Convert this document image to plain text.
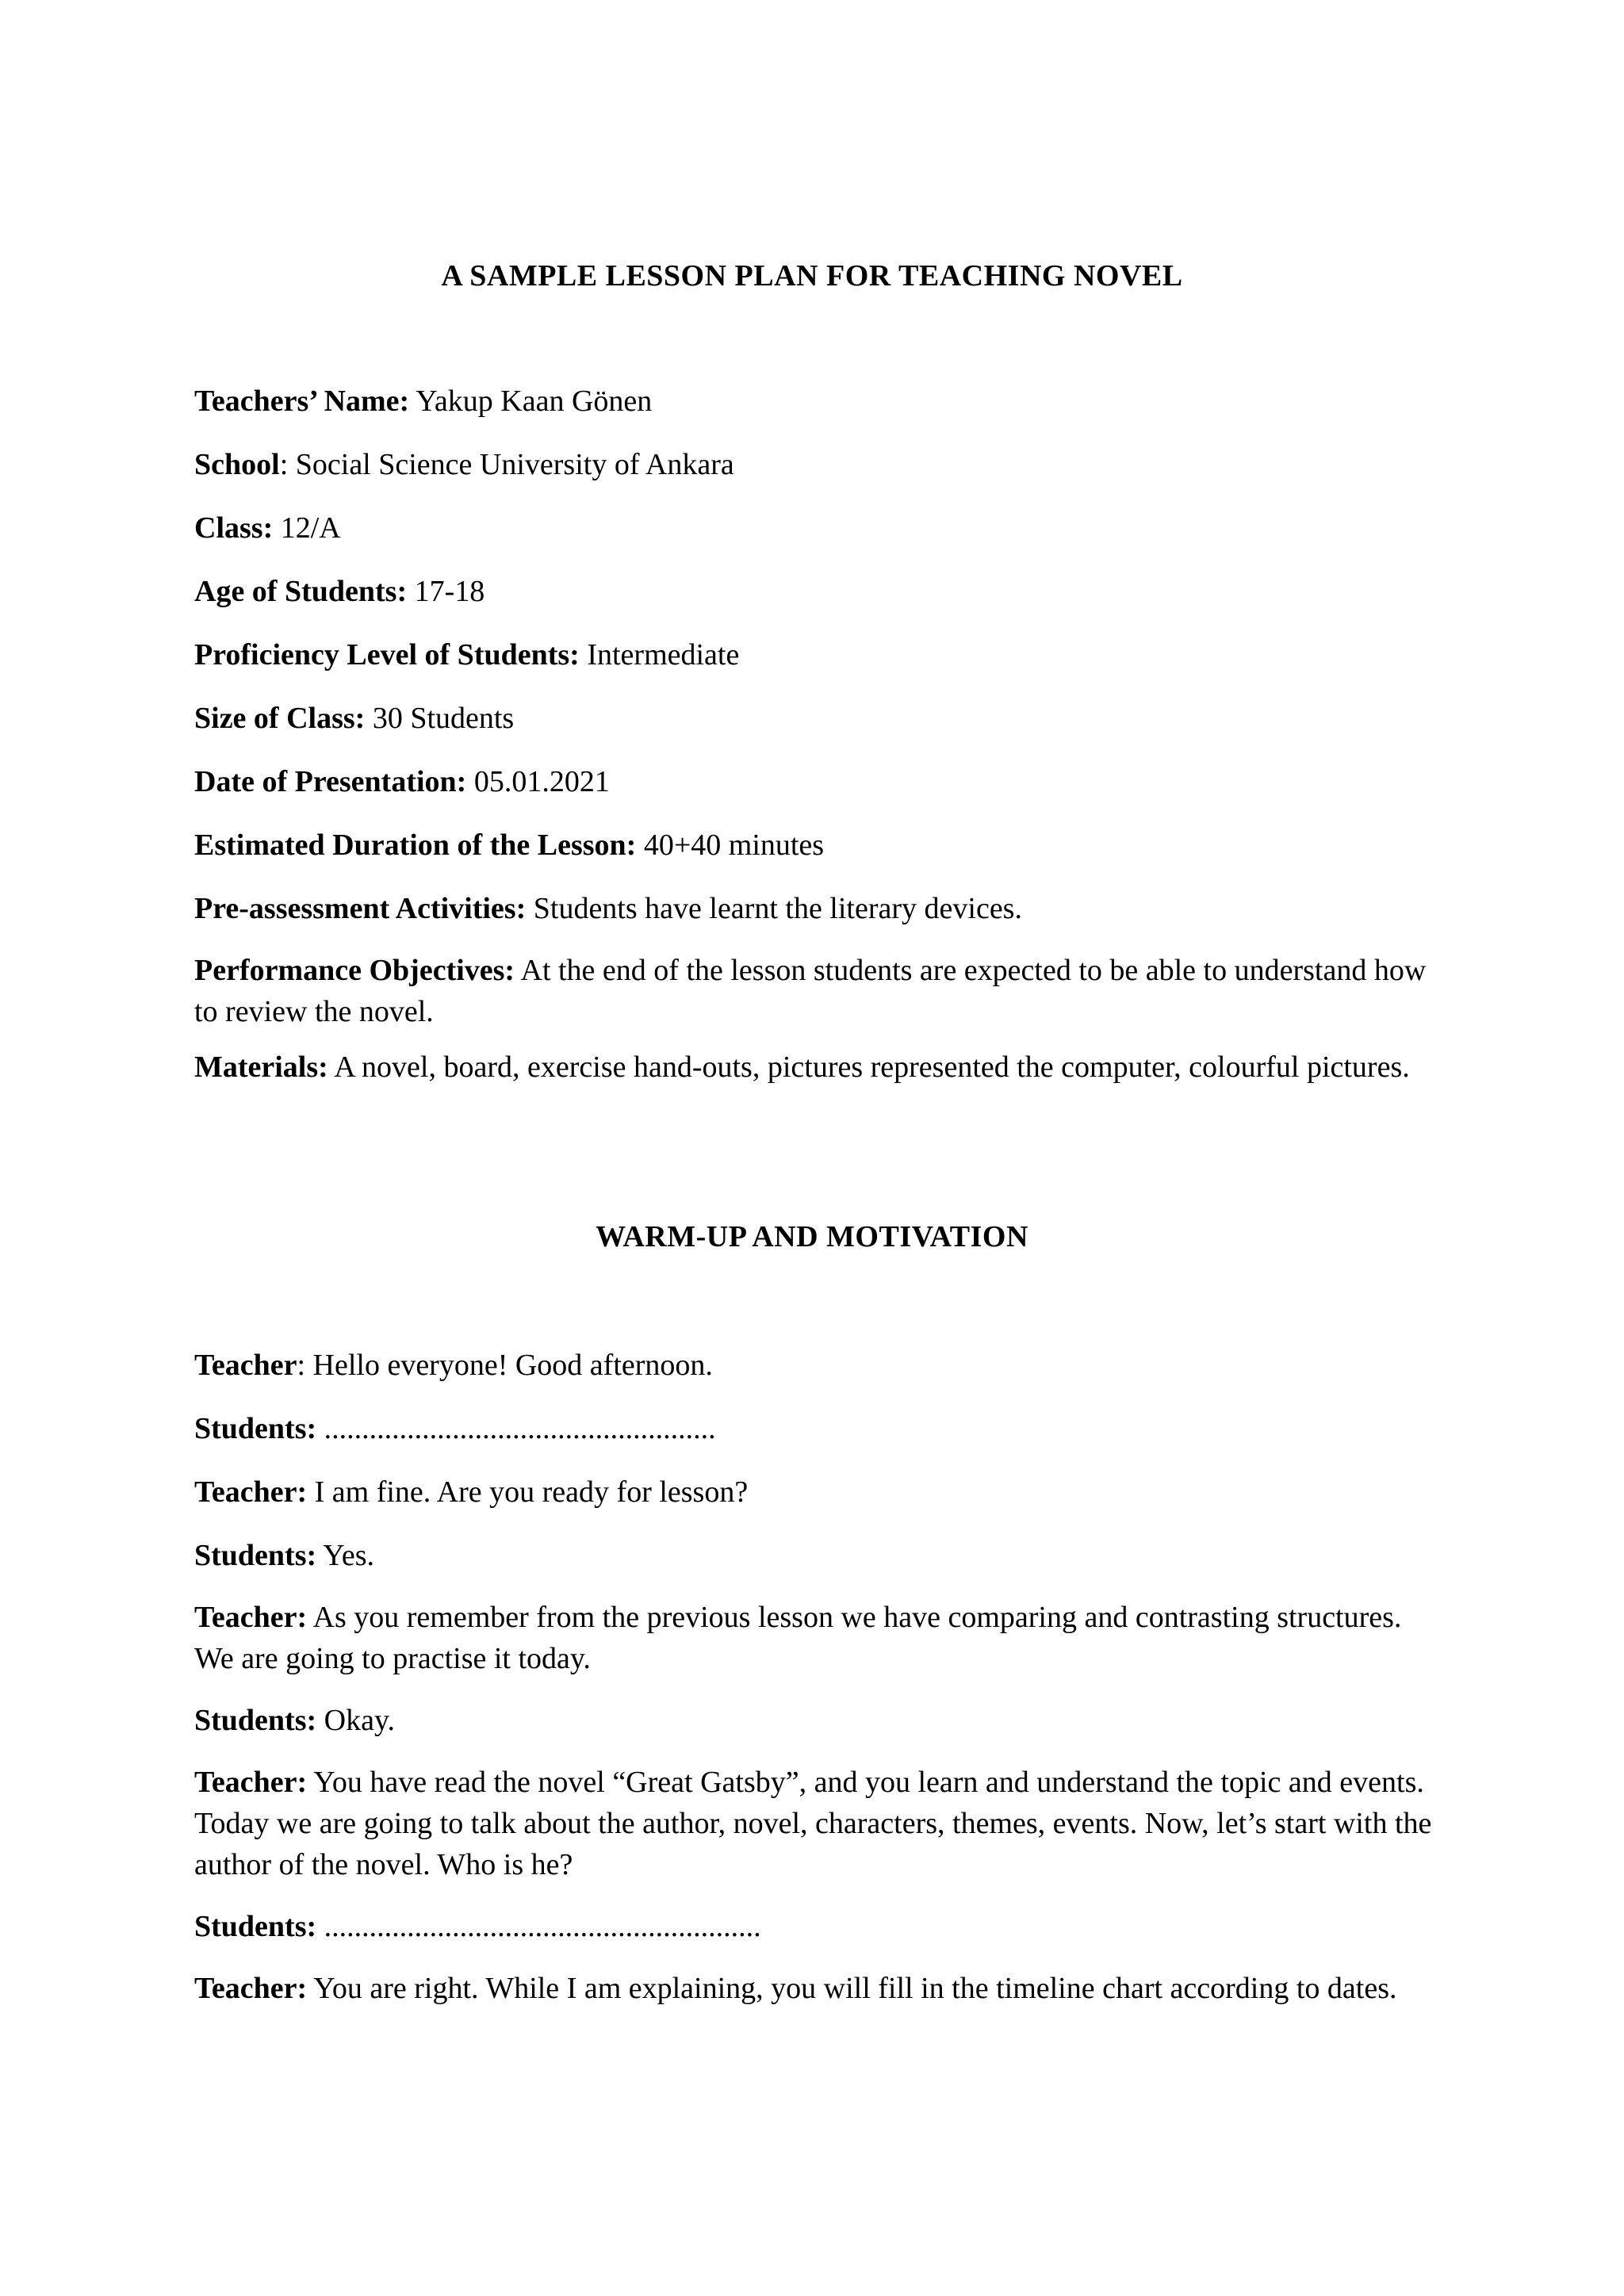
A SAMPLE LESSON PLAN FOR TEACHING NOVEL
Teachers’ Name: Yakup Kaan Gönen
School: Social Science University of Ankara
Class: 12/A
Age of Students: 17-18
Proficiency Level of Students: Intermediate
Size of Class: 30 Students
Date of Presentation: 05.01.2021
Estimated Duration of the Lesson: 40+40 minutes
Pre-assessment Activities: Students have learnt the literary devices.
Performance Objectives: At the end of the lesson students are expected to be able to understand how to review the novel.
Materials: A novel, board, exercise hand-outs, pictures represented the computer, colourful pictures.
WARM-UP AND MOTIVATION
Teacher: Hello everyone! Good afternoon.
Students: ....................................................
Teacher: I am fine. Are you ready for lesson?
Students: Yes.
Teacher: As you remember from the previous lesson we have comparing and contrasting structures. We are going to practise it today.
Students: Okay.
Teacher: You have read the novel “Great Gatsby”, and you learn and understand the topic and events. Today we are going to talk about the author, novel, characters, themes, events. Now, let’s start with the author of the novel. Who is he?
Students: ..........................................................
Teacher: You are right. While I am explaining, you will fill in the timeline chart according to dates.
